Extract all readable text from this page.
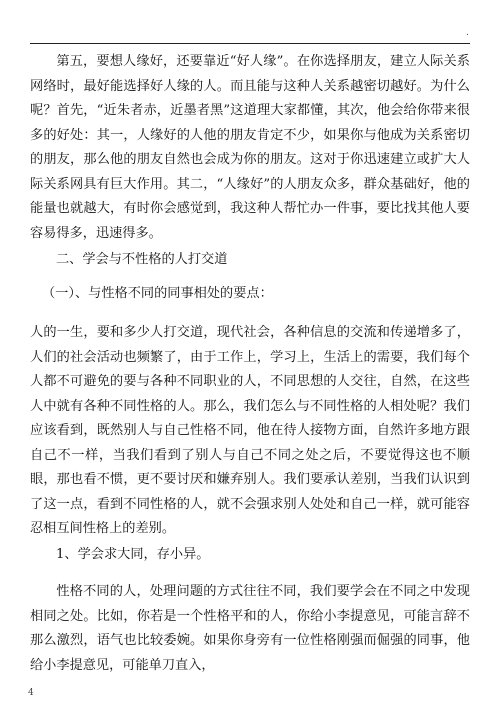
.

第五，要想人缘好，还要靠近“好人缘”。在你选择朋友，建立人际关系网络时，最好能选择好人缘的人。而且能与这种人关系越密切越好。为什么呢？首先，“近朱者赤，近墨者黑”这道理大家都懂，其次，他会给你带来很多的好处：其一，人缘好的人他的朋友肯定不少，如果你与他成为关系密切的朋友，那么他的朋友自然也会成为你的朋友。这对于你迅速建立或扩大人际关系网具有巨大作用。其二，“人缘好”的人朋友众多，群众基础好，他的能量也就越大，有时你会感觉到，我这种人帮忙办一件事，要比找其他人要容易得多，迅速得多。

二、学会与不性格的人打交道

（一）、与性格不同的同事相处的要点：

人的一生，要和多少人打交道，现代社会，各种信息的交流和传递增多了，人们的社会活动也频繁了，由于工作上，学习上，生活上的需要，我们每个人都不可避免的要与各种不同职业的人，不同思想的人交往，自然，在这些人中就有各种不同性格的人。那么，我们怎么与不同性格的人相处呢？我们应该看到，既然别人与自己性格不同，他在待人接物方面，自然许多地方跟自己不一样，当我们看到了别人与自己不同之处之后，不要觉得这也不顺眼，那也看不惯，更不要讨厌和嫌弃别人。我们要承认差别，当我们认识到了这一点，看到不同性格的人，就不会强求别人处处和自己一样，就可能容忍相互间性格上的差别。

1、学会求大同，存小异。

性格不同的人，处理问题的方式往往不同，我们要学会在不同之中发现相同之处。比如，你若是一个性格平和的人，你给小李提意见，可能言辞不那么激烈，语气也比较委婉。如果你身旁有一位性格刚强而倔强的同事，他给小李提意见，可能单刀直入，

4
